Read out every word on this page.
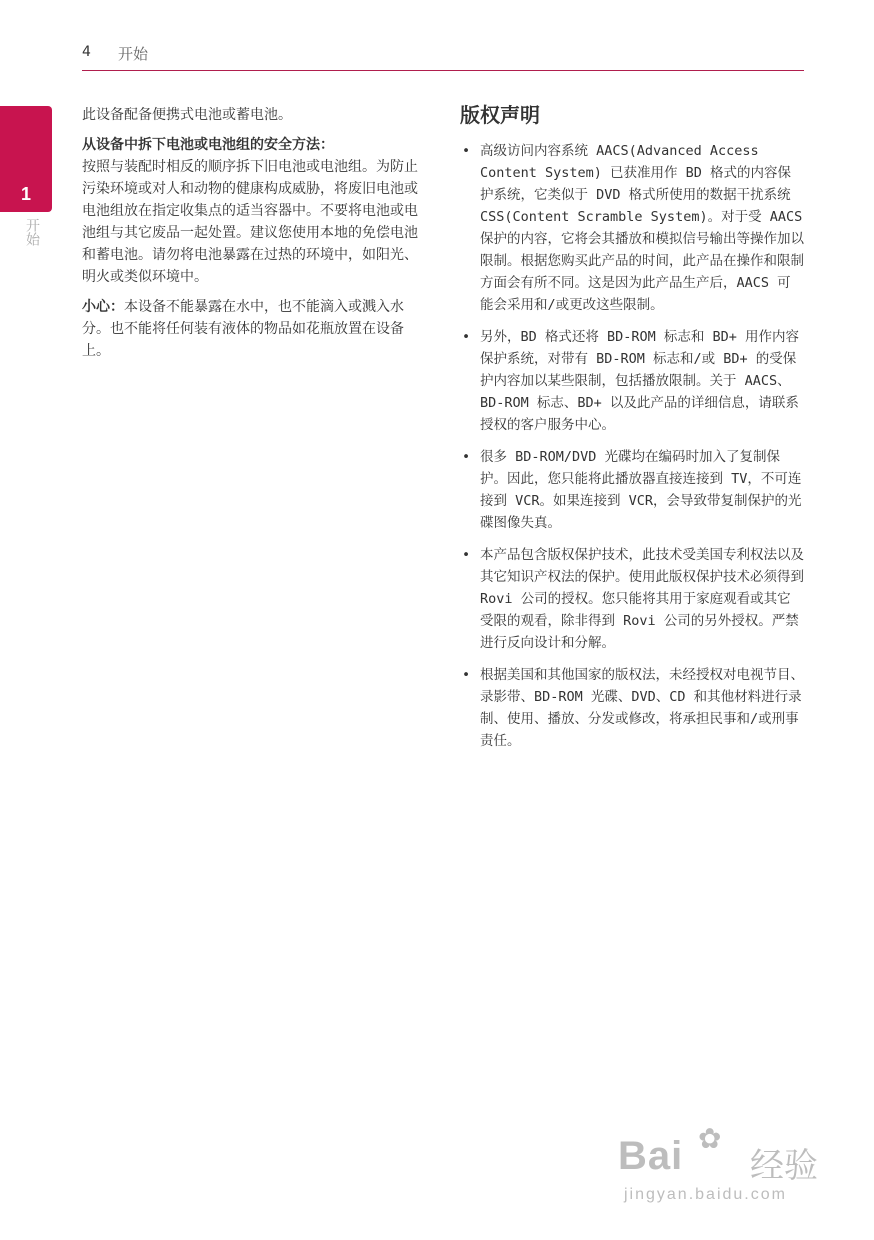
4 开始
1
开始

此设备配备便携式电池或蓄电池。

从设备中拆下电池或电池组的安全方法：
按照与装配时相反的顺序拆下旧电池或电池组。为防止污染环境或对人和动物的健康构成威胁，将废旧电池或电池组放在指定收集点的适当容器中。不要将电池或电池组与其它废品一起处置。建议您使用本地的免偿电池和蓄电池。请勿将电池暴露在过热的环境中，如阳光、明火或类似环境中。

小心：本设备不能暴露在水中，也不能滴入或溅入水分。也不能将任何装有液体的物品如花瓶放置在设备上。

版权声明
• 高级访问内容系统 AACS(Advanced Access Content System) 已获准用作 BD 格式的内容保护系统，它类似于 DVD 格式所使用的数据干扰系统 CSS(Content Scramble System)。对于受 AACS 保护的内容，它将会其播放和模拟信号输出等操作加以限制。根据您购买此产品的时间，此产品在操作和限制方面会有所不同。这是因为此产品生产后，AACS 可能会采用和/或更改这些限制。
• 另外，BD 格式还将 BD-ROM 标志和 BD+ 用作内容保护系统，对带有 BD-ROM 标志和/或 BD+ 的受保护内容加以某些限制，包括播放限制。关于 AACS、BD-ROM 标志、BD+ 以及此产品的详细信息，请联系授权的客户服务中心。
• 很多 BD-ROM/DVD 光碟均在编码时加入了复制保护。因此，您只能将此播放器直接连接到 TV，不可连接到 VCR。如果连接到 VCR，会导致带复制保护的光碟图像失真。
• 本产品包含版权保护技术，此技术受美国专利权法以及其它知识产权法的保护。使用此版权保护技术必须得到 Rovi 公司的授权。您只能将其用于家庭观看或其它受限的观看，除非得到 Rovi 公司的另外授权。严禁进行反向设计和分解。
• 根据美国和其他国家的版权法，未经授权对电视节目、录影带、BD-ROM 光碟、DVD、CD 和其他材料进行录制、使用、播放、分发或修改，将承担民事和/或刑事责任。
Bai ✿
经验
jingyan.baidu.com
